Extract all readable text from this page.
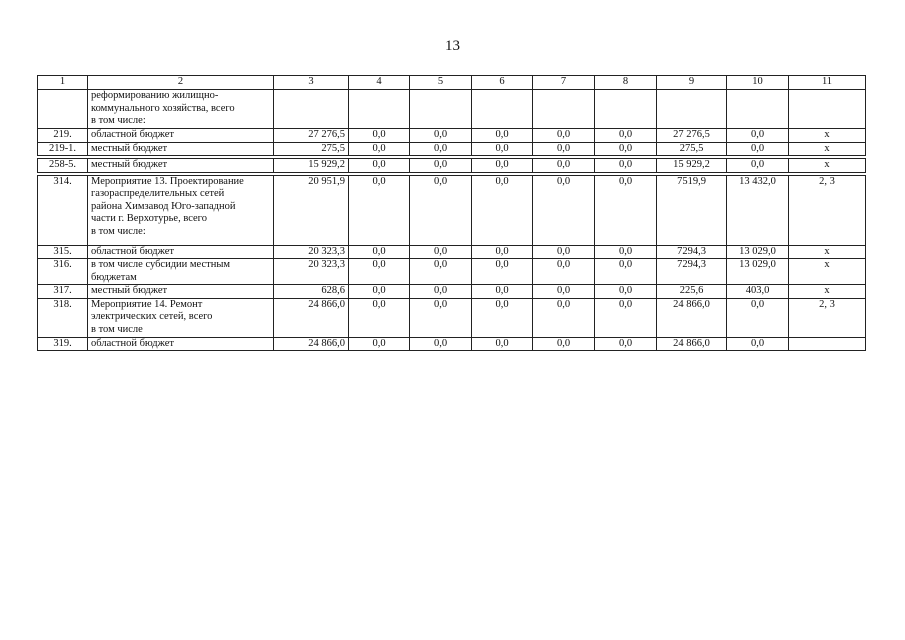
13
1	2	3	4	5	6	7	8	9	10	11

	реформированию жилищно-
коммунального хозяйства, всего
в том числе:									

219.	областной бюджет	27 276,5	0,0	0,0	0,0	0,0	0,0	27 276,5	0,0	х
219-1.	местный бюджет	275,5	0,0	0,0	0,0	0,0	0,0	275,5	0,0	х

258-5.	местный бюджет	15 929,2	0,0	0,0	0,0	0,0	0,0	15 929,2	0,0	х

314.	Мероприятие 13. Проектирование
газораспределительных сетей
района Химзавод Юго-западной
части г. Верхотурье, всего
в том числе:	20 951,9	0,0	0,0	0,0	0,0	0,0	7519,9	13 432,0	2, 3
315.	областной бюджет	20 323,3	0,0	0,0	0,0	0,0	0,0	7294,3	13 029,0	х
316.	в том числе субсидии местным
бюджетам	20 323,3	0,0	0,0	0,0	0,0	0,0	7294,3	13 029,0	х
317.	местный бюджет	628,6	0,0	0,0	0,0	0,0	0,0	225,6	403,0	х
318.	Мероприятие 14. Ремонт
электрических сетей, всего
в том числе	24 866,0	0,0	0,0	0,0	0,0	0,0	24 866,0	0,0	2, 3
319.	областной бюджет	24 866,0	0,0	0,0	0,0	0,0	0,0	24 866,0	0,0	
